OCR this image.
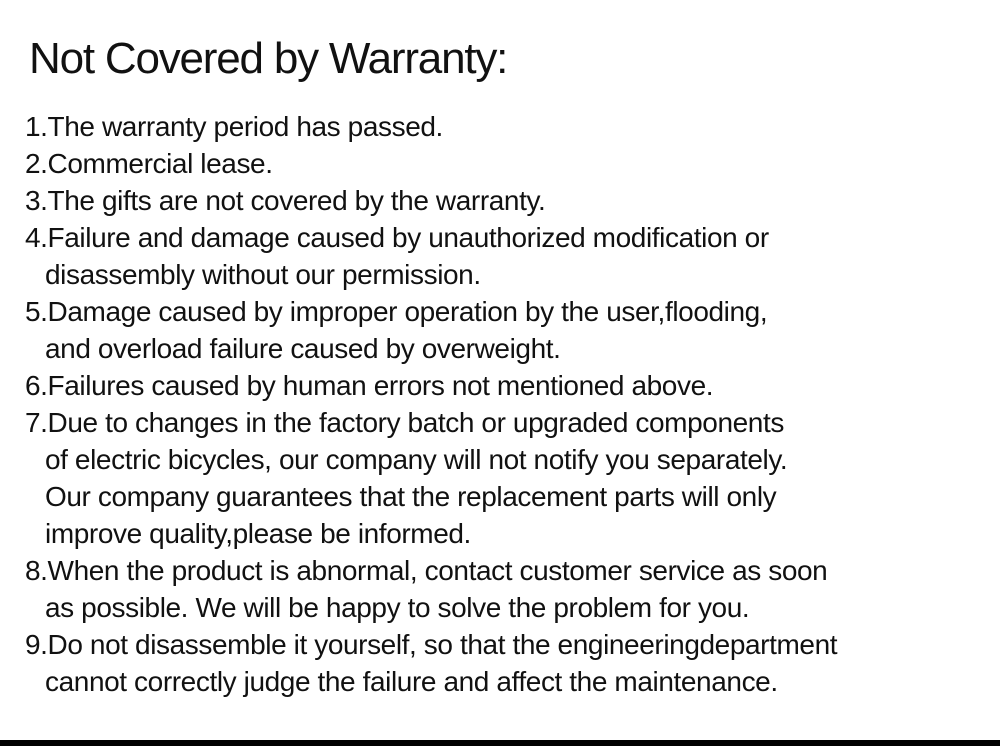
Not Covered by Warranty:
1.The warranty period has passed.
2.Commercial lease.
3.The gifts are not covered by the warranty.
4.Failure and damage caused by unauthorized modification or
disassembly without our permission.
5.Damage caused by improper operation by the user,flooding,
and overload failure caused by overweight.
6.Failures caused by human errors not mentioned above.
7.Due to changes in the factory batch or upgraded components
of electric bicycles, our company will not notify you separately.
Our company guarantees that the replacement parts will only
improve quality,please be informed.
8.When the product is abnormal, contact customer service as soon
as possible. We will be happy to solve the problem for you.
9.Do not disassemble it yourself, so that the engineeringdepartment
cannot correctly judge the failure and affect the maintenance.
